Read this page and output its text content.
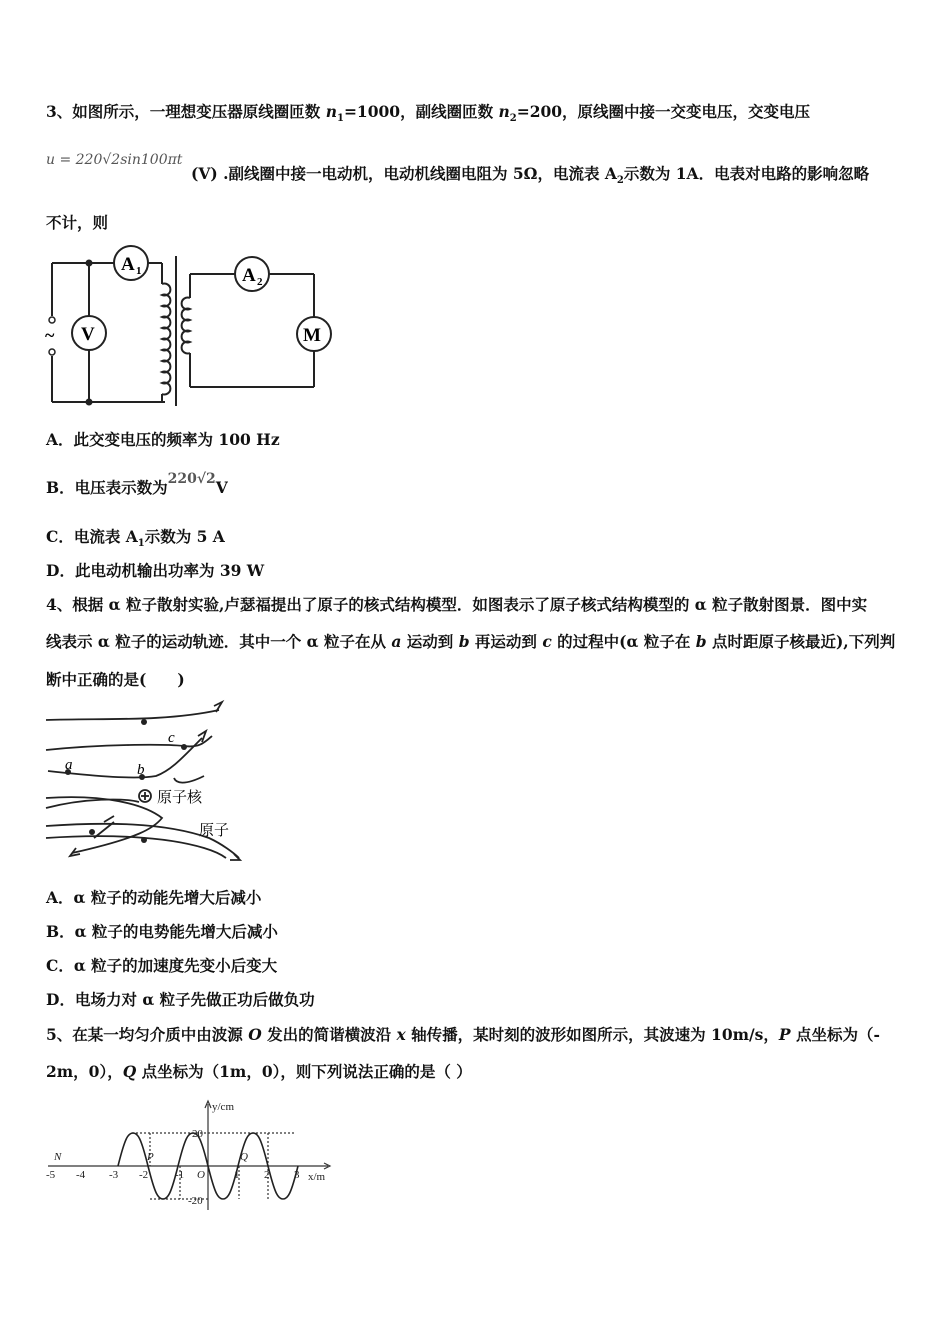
3、如图所示，一理想变压器原线圈匝数 $n_1=1000$，副线圈匝数 $n_2=200$，原线圈中接一交变电压，交变电压
u = 220√2sin100πt
(V) .副线圈中接一电动机，电动机线圈电阻为 5Ω，电流表 $A_2$示数为 1A．电表对电路的影响忽略
不计，则
~
A 1
V
A 2
M
A．此交变电压的频率为 100 Hz
B．电压表示数为220√2V
C．电流表 $A_1$示数为 5 A
D．此电动机输出功率为 39 W
4、根据 α 粒子散射实验,卢瑟福提出了原子的核式结构模型．如图表示了原子核式结构模型的 α 粒子散射图景．图中实
线表示 α 粒子的运动轨迹．其中一个 α 粒子在从 a 运动到 b 再运动到 c 的过程中(α 粒子在 b 点时距原子核最近),下列判
断中正确的是(　　)
a	b
c
原子核
原子
A．α 粒子的动能先增大后减小
B．α 粒子的电势能先增大后减小
C．α 粒子的加速度先变小后变大
D．电场力对 α 粒子先做正功后做负功
5、在某一均匀介质中由波源 O 发出的简谐横波沿 x 轴传播，某时刻的波形如图所示，其波速为 10m/s，P 点坐标为（-
2m，0），Q 点坐标为（1m，0），则下列说法正确的是（ ）
y/cm
x/m
20
-20
N	P	Q
O
-5 -4 -3 -2 -1	1 2 3
